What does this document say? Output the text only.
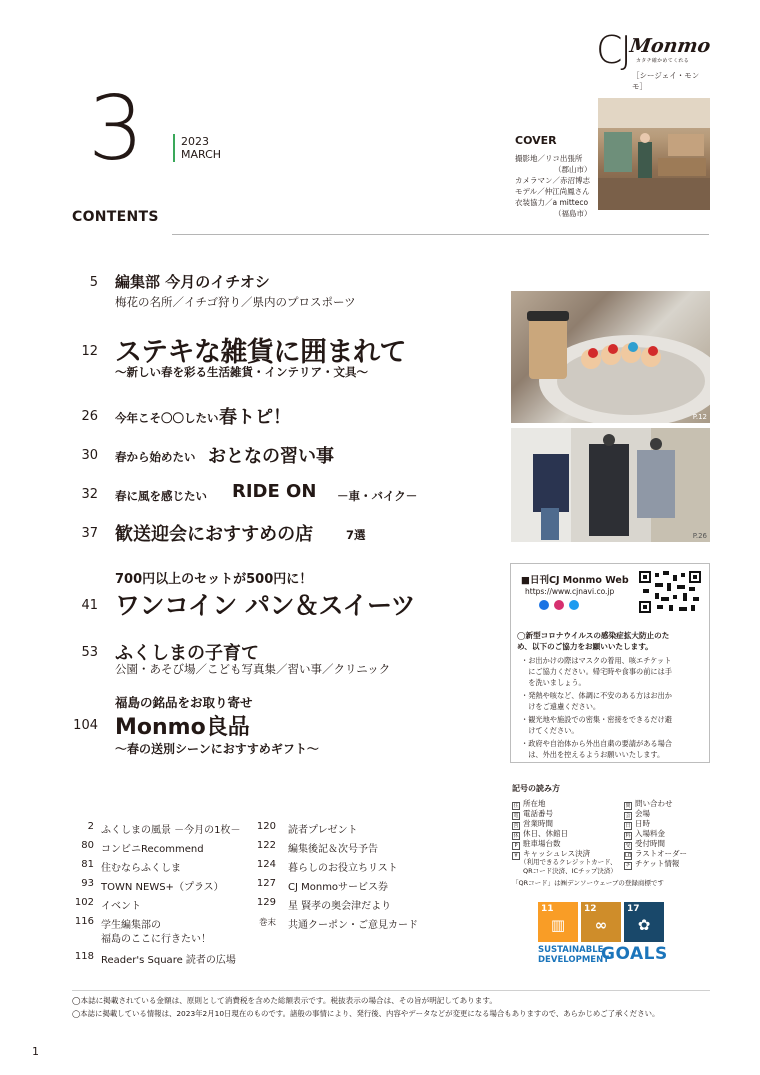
CJ
Monmo
カタチ確かめてくれる
［シージェイ・モンモ］
3	2023
MARCH
COVER
撮影地／リコ出張所
（郡山市）
カメラマン／赤沼博志
モデル／仲江尚鳳さん
衣装協力／a mitteco
（福島市）
CONTENTS
5 編集部 今月のイチオシ
梅花の名所／イチゴ狩り／県内のプロスポーツ
12 ステキな雑貨に囲まれて
～新しい春を彩る生活雑貨・インテリア・文具～
26 今年こそ〇〇したい 春トピ！
30 春から始めたい おとなの習い事
32 春に風を感じたい RIDE ON －車・バイク－
37 歓送迎会におすすめの店	7選
41
700円以上のセットが500円に！
ワンコイン パン＆スイーツ
53 ふくしまの子育て
公園・あそび場／こども写真集／習い事／クリニック
104
福島の銘品をお取り寄せ
Monmo良品
～春の送別シーンにおすすめギフト～
P.12
P.26
■日刊CJ Monmo Web
https://www.cjnavi.co.jp
◯新型コロナウイルスの感染症拡大防止のた
め、以下のご協力をお願いいたします。
・お出かけの際はマスクの着用、咳エチケット
　にご協力ください。帰宅時や食事の前には手
　を洗いましょう。
・発熱や咳など、体調に不安のある方はお出か
　けをご遠慮ください。
・観光地や施設での密集・密接をできるだけ避
　けてください。
・政府や自治体から外出自粛の要請がある場合
　は、外出を控えるようお願いいたします。
記号の読み方
住 所在地
電 電話番号
営 営業時間
休 休日、休館日
P 駐車場台数
¥ キャッシュレス決済
（利用できるクレジットカード、
QRコード決済、ICチップ決済）
問 問い合わせ
会 会場
日 日時
料 入場料金
受 受付時間
LO ラストオーダー
チ チケット情報
「QRコード」は㈱デンソーウェーブの登録商標です
11
▥
12
∞
17
✿
SUSTAINABLE
DEVELOPMENT
GOALS
2 ふくしまの風景 －今月の1枚－
80 コンビニRecommend
81 住むならふくしま
93 TOWN NEWS+（プラス）
102 イベント
116 学生編集部の
福島のここに行きたい！
118 Reader's Square 読者の広場
120 読者プレゼント
122 編集後記＆次号予告
124 暮らしのお役立ちリスト
127 CJ Monmoサービス券
129 星 賢孝の奥会津だより
巻末 共通クーポン・ご意見カード
◯本誌に掲載されている金額は、原則として消費税を含めた総額表示です。税抜表示の場合は、その旨が明記してあります。
◯本誌に掲載している情報は、2023年2月10日現在のものです。諸般の事情により、発行後、内容やデータなどが変更になる場合もありますので、あらかじめご了承ください。
1
